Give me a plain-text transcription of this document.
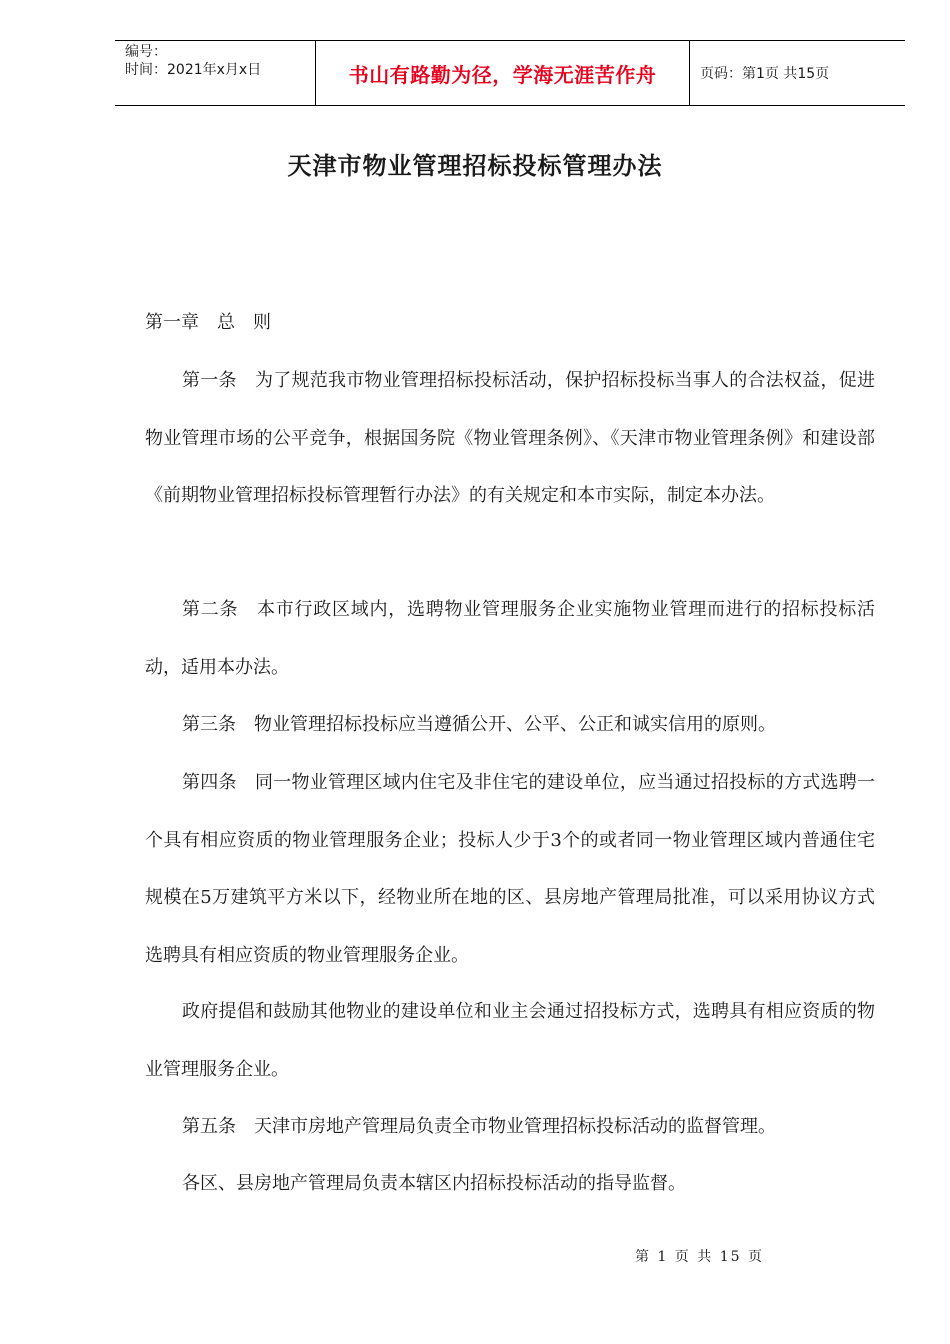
编号：
时间：2021年x月x日	书山有路勤为径，学海无涯苦作舟	页码：第1页 共15页
天津市物业管理招标投标管理办法

第一章　总　则

第一条　为了规范我市物业管理招标投标活动，保护招标投标当事人的合法权益，促进物业管理市场的公平竞争，根据国务院《物业管理条例》、《天津市物业管理条例》和建设部《前期物业管理招标投标管理暂行办法》的有关规定和本市实际，制定本办法。

第二条　本市行政区域内，选聘物业管理服务企业实施物业管理而进行的招标投标活动，适用本办法。

第三条　物业管理招标投标应当遵循公开、公平、公正和诚实信用的原则。

第四条　同一物业管理区域内住宅及非住宅的建设单位，应当通过招投标的方式选聘一个具有相应资质的物业管理服务企业；投标人少于3个的或者同一物业管理区域内普通住宅规模在5万建筑平方米以下，经物业所在地的区、县房地产管理局批准，可以采用协议方式选聘具有相应资质的物业管理服务企业。

政府提倡和鼓励其他物业的建设单位和业主会通过招投标方式，选聘具有相应资质的物业管理服务企业。

第五条　天津市房地产管理局负责全市物业管理招标投标活动的监督管理。

各区、县房地产管理局负责本辖区内招标投标活动的指导监督。

第 1 页 共 15 页
